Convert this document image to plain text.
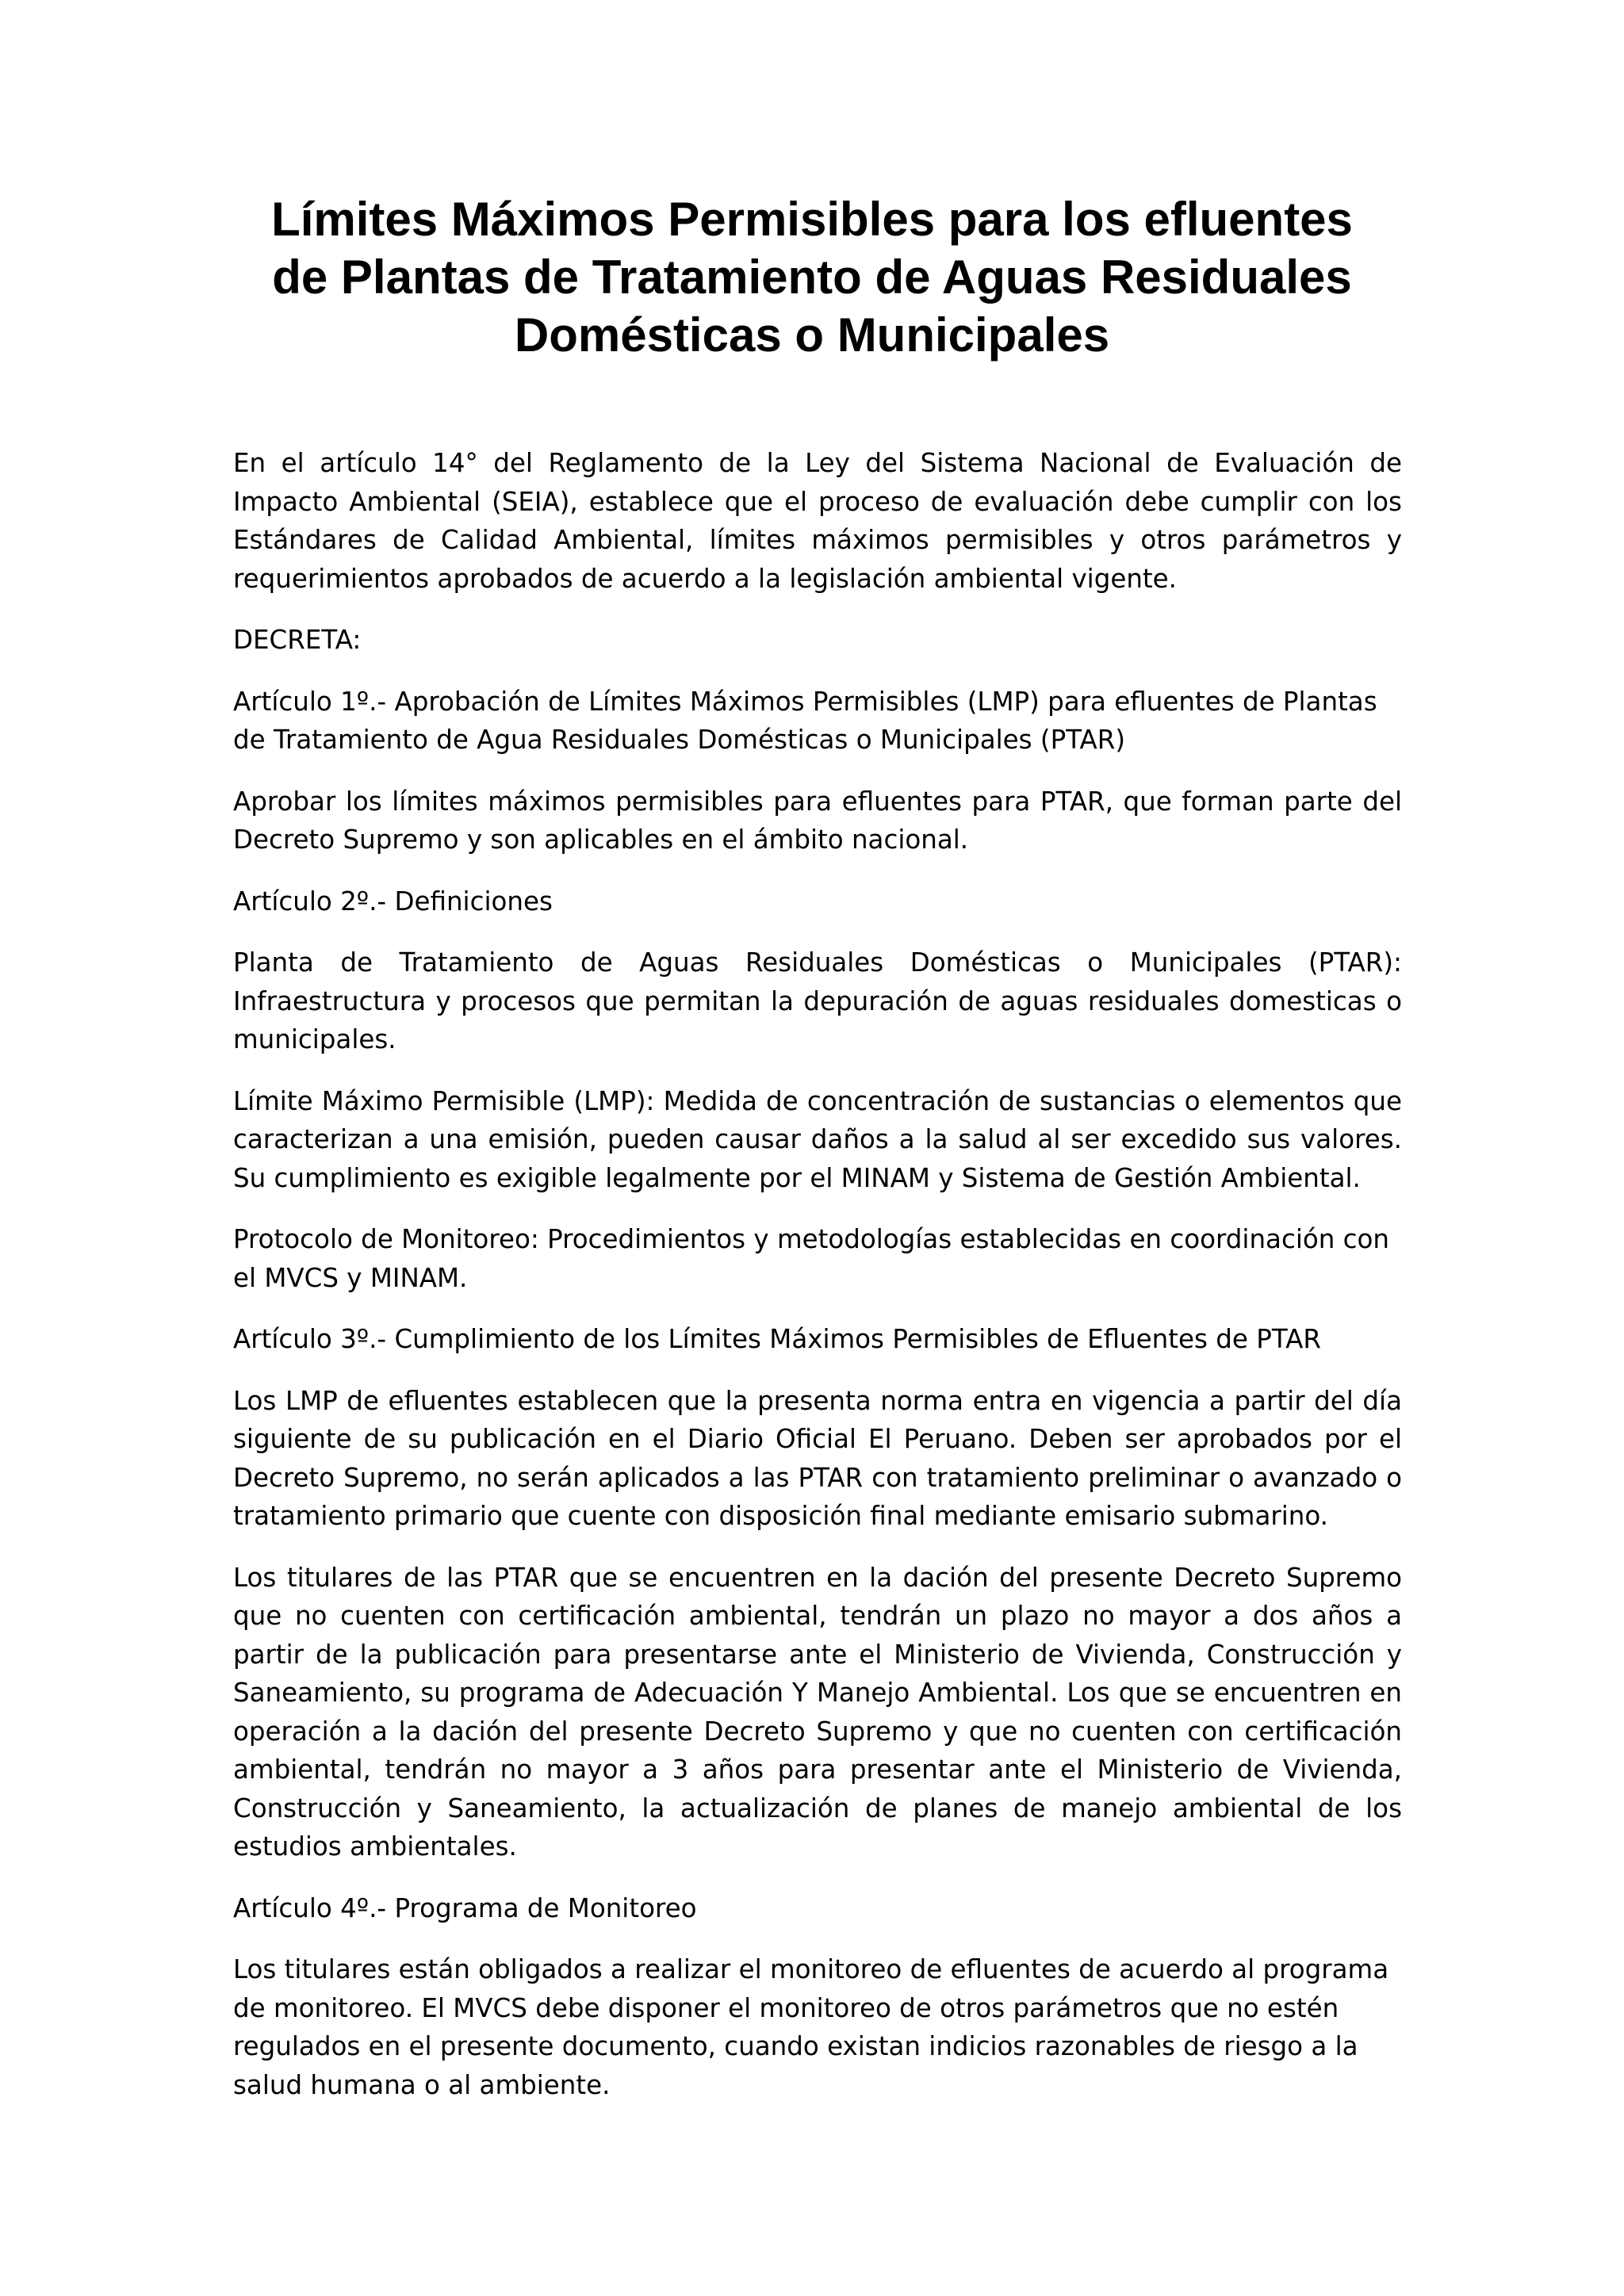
Límites Máximos Permisibles para los efluentes
de Plantas de Tratamiento de Aguas Residuales
Domésticas o Municipales

En el artículo 14° del Reglamento de la Ley del Sistema Nacional de Evaluación de Impacto Ambiental (SEIA), establece que el proceso de evaluación debe cumplir con los Estándares de Calidad Ambiental, límites máximos permisibles y otros parámetros y requerimientos aprobados de acuerdo a la legislación ambiental vigente.

DECRETA:

Artículo 1º.- Aprobación de Límites Máximos Permisibles (LMP) para efluentes de Plantas de Tratamiento de Agua Residuales Domésticas o Municipales (PTAR)

Aprobar los límites máximos permisibles para efluentes para PTAR, que forman parte del Decreto Supremo y son aplicables en el ámbito nacional.

Artículo 2º.- Definiciones

Planta de Tratamiento de Aguas Residuales Domésticas o Municipales (PTAR): Infraestructura y procesos que permitan la depuración de aguas residuales domesticas o municipales.

Límite Máximo Permisible (LMP): Medida de concentración de sustancias o elementos que caracterizan a una emisión, pueden causar daños a la salud al ser excedido sus valores. Su cumplimiento es exigible legalmente por el MINAM y Sistema de Gestión Ambiental.

Protocolo de Monitoreo: Procedimientos y metodologías establecidas en coordinación con el MVCS y MINAM.

Artículo 3º.- Cumplimiento de los Límites Máximos Permisibles de Efluentes de PTAR

Los LMP de efluentes establecen que la presenta norma entra en vigencia a partir del día siguiente de su publicación en el Diario Oficial El Peruano. Deben ser aprobados por el Decreto Supremo, no serán aplicados a las PTAR con tratamiento preliminar o avanzado o tratamiento primario que cuente con disposición final mediante emisario submarino.

Los titulares de las PTAR que se encuentren en la dación del presente Decreto Supremo que no cuenten con certificación ambiental, tendrán un plazo no mayor a dos años a partir de la publicación para presentarse ante el Ministerio de Vivienda, Construcción y Saneamiento, su programa de Adecuación Y Manejo Ambiental. Los que se encuentren en operación a la dación del presente Decreto Supremo y que no cuenten con certificación ambiental, tendrán no mayor a 3 años para presentar ante el Ministerio de Vivienda, Construcción y Saneamiento, la actualización de planes de manejo ambiental de los estudios ambientales.

Artículo 4º.- Programa de Monitoreo

Los titulares están obligados a realizar el monitoreo de efluentes de acuerdo al programa de monitoreo. El MVCS debe disponer el monitoreo de otros parámetros que no estén regulados en el presente documento, cuando existan indicios razonables de riesgo a la salud humana o al ambiente.
